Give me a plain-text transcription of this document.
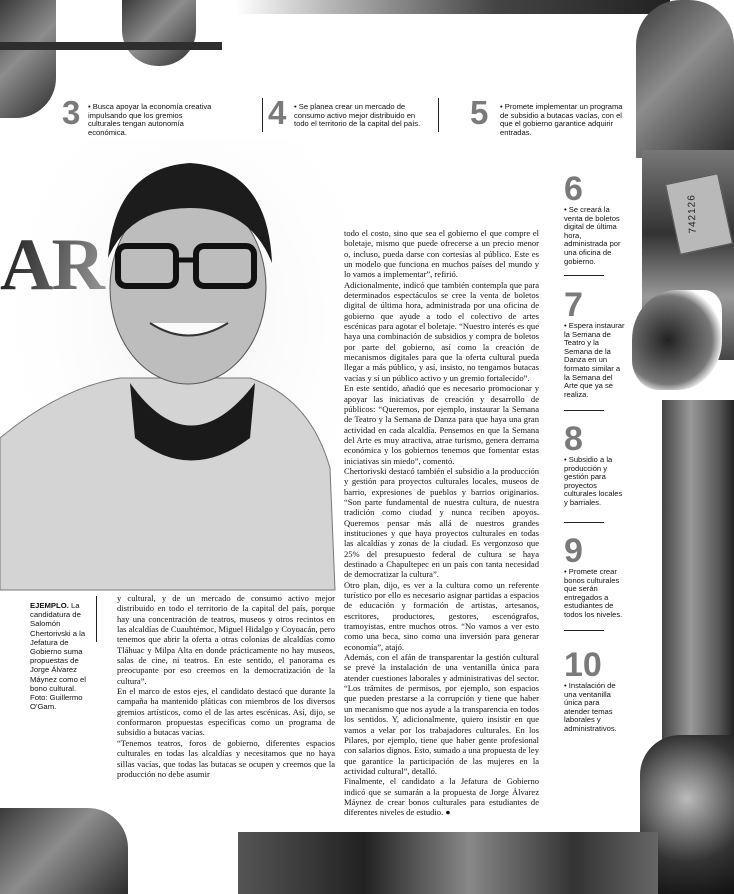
742126
3 • Busca apoyar la economía creativa impulsando que los gremios culturales tengan autonomía económica.
4 • Se planea crear un mercado de consumo activo mejor distribuido en todo el territorio de la capital del país. 5 • Promete implementar un programa de subsidio a butacas vacías, con el que el gobierno garantice adquirir entradas.
EJEMPLO. La candidatura de Salomón Chertorivski a la Jefatura de Gobierno suma propuestas de Jorge Álvarez Máynez como el bono cultural. Foto: Guillermo O'Gam.
y cultural, y de un mercado de consumo activo mejor distribuido en todo el territorio de la capital del país, porque hay una concentración de teatros, museos y otros recintos en las alcaldías de Cuauhtémoc, Miguel Hidalgo y Coyoacán, pero tenemos que abrir la oferta a otras colonias de alcaldías como Tláhuac y Milpa Alta en donde prácticamente no hay museos, salas de cine, ni teatros. En este sentido, el panorama es preocupante por eso creemos en la democratización de la cultura”.
En el marco de estos ejes, el candidato destacó que durante la campaña ha mantenido pláticas con miembros de los diversos gremios artísticos, como el de las artes escénicas. Así, dijo, se conformaron propuestas específicas como un programa de subsidio a butacas vacías.
“Tenemos teatros, foros de gobierno, diferentes espacios culturales en todas las alcaldías y necesitamos que no haya sillas vacías, que todas las butacas se ocupen y creemos que la producción no debe asumir
todo el costo, sino que sea el gobierno el que compre el boletaje, mismo que puede ofrecerse a un precio menor o, incluso, pueda darse con cortesías al público. Este es un modelo que funciona en muchos países del mundo y lo vamos a implementar”, refirió.
Adicionalmente, indicó que también contempla que para determinados espectáculos se cree la venta de boletos digital de última hora, administrada por una oficina de gobierno que ayude a todo el colectivo de artes escénicas para agotar el boletaje. “Nuestro interés es que haya una combinación de subsidios y compra de boletos por parte del gobierno, así como la creación de mecanismos digitales para que la oferta cultural pueda llegar a más público, y así, insisto, no tengamos butacas vacías y sí un público activo y un gremio fortalecido”.
En este sentido, añadió que es necesario promocionar y apoyar las iniciativas de creación y desarrollo de públicos: “Queremos, por ejemplo, instaurar la Semana de Teatro y la Semana de Danza para que haya una gran actividad en cada alcaldía. Pensemos en que la Semana del Arte es muy atractiva, atrae turismo, genera derrama económica y los gobiernos tenemos que fomentar estas iniciativas sin miedo”, comentó.
Chertorivski destacó también el subsidio a la producción y gestión para proyectos culturales locales, museos de barrio, expresiones de pueblos y barrios originarios. “Son parte fundamental de nuestra cultura, de nuestra tradición como ciudad y nunca reciben apoyos. Queremos pensar más allá de nuestros grandes instituciones y que haya proyectos culturales en todas las alcaldías y zonas de la ciudad. Es vergonzoso que 25% del presupuesto federal de cultura se haya destinado a Chapultepec en un país con tanta necesidad de democratizar la cultura”.
Otro plan, dijo, es ver a la cultura como un referente turístico por ello es necesario asignar partidas a espacios de educación y formación de artistas, artesanos, escritores, productores, gestores, escenógrafos, tramoyistas, entre muchos otros. “No vamos a ver esto como una beca, sino como una inversión para generar economía”, atajó.
Además, con el afán de transparentar la gestión cultural se prevé la instalación de una ventanilla única para atender cuestiones laborales y administrativas del sector. “Los trámites de permisos, por ejemplo, son espacios que pueden prestarse a la corrupción y tiene que haber un mecanismo que nos ayude a la transparencia en todos los sentidos. Y, adicionalmente, quiero insistir en que vamos a velar por los trabajadores culturales. En los Pilares, por ejemplo, tiene que haber gente profesional con salarios dignos. Esto, sumado a una propuesta de ley que garantice la participación de las mujeres en la actividad cultural”, detalló.
Finalmente, el candidato a la Jefatura de Gobierno indicó que se sumarán a la propuesta de Jorge Álvarez Máynez de crear bonos culturales para estudiantes de diferentes niveles de estudio. ●
6
• Se creará la venta de boletos digital de última hora, administrada por una oficina de gobierno.
7
• Espera instaurar la Semana de Teatro y la Semana de la Danza en un formato similar a la Semana del Arte que ya se realiza.
8
• Subsidio a la producción y gestión para proyectos culturales locales y barriales.
9
• Promete crear bonos culturales que serán entregados a estudiantes de todos los niveles.
10
• Instalación de una ventanilla única para atender temas laborales y administrativos.
